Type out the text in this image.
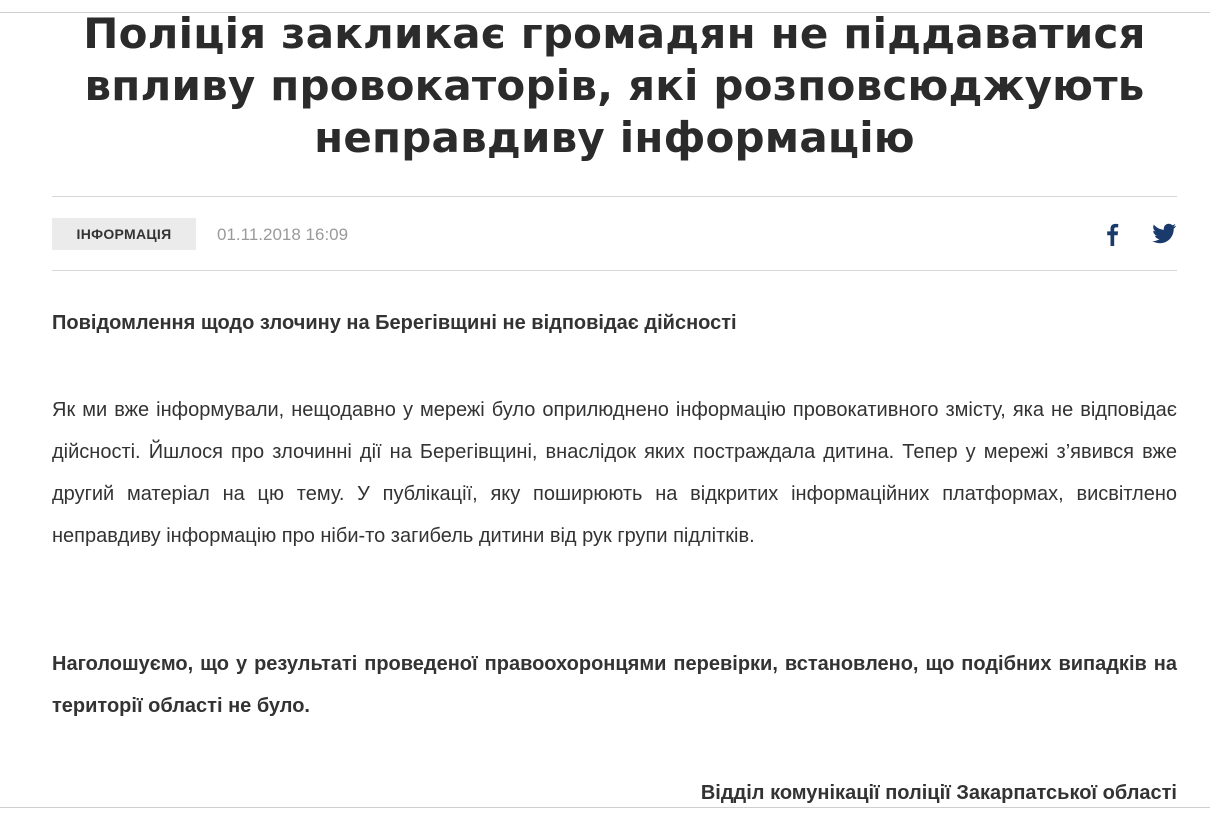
Поліція закликає громадян не піддаватися впливу провокаторів, які розповсюджують неправдиву інформацію
ІНФОРМАЦІЯ	01.11.2018 16:09

Повідомлення щодо злочину на Берегівщині не відповідає дійсності

Як ми вже інформували, нещодавно у мережі було оприлюднено інформацію провокативного змісту, яка не відповідає дійсності. Йшлося про злочинні дії на Берегівщині, внаслідок яких постраждала дитина. Тепер у мережі з’явився вже другий матеріал на цю тему. У публікації, яку поширюють на відкритих інформаційних платформах, висвітлено неправдиву інформацію про ніби-то загибель дитини від рук групи підлітків.

Наголошуємо, що у результаті проведеної правоохоронцями перевірки, встановлено, що подібних випадків на території області не було.

Відділ комунікації поліції Закарпатської області
